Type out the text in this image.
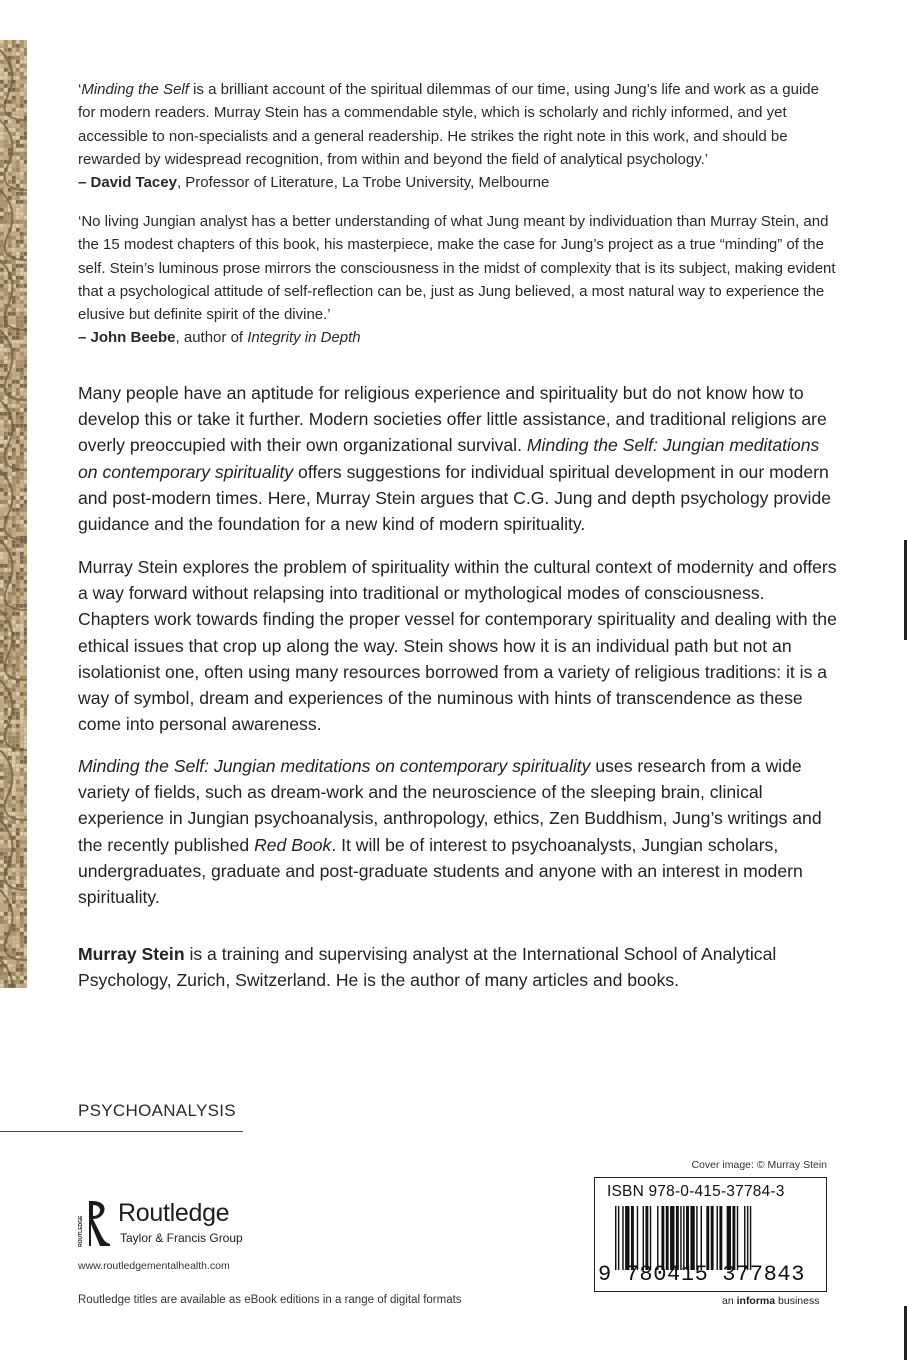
‘Minding the Self is a brilliant account of the spiritual dilemmas of our time, using Jung’s life and work as a guide for modern readers. Murray Stein has a commendable style, which is scholarly and richly informed, and yet accessible to non-specialists and a general readership. He strikes the right note in this work, and should be rewarded by widespread recognition, from within and beyond the field of analytical psychology.’

– David Tacey, Professor of Literature, La Trobe University, Melbourne

‘No living Jungian analyst has a better understanding of what Jung meant by individuation than Murray Stein, and the 15 modest chapters of this book, his masterpiece, make the case for Jung’s project as a true “minding” of the self. Stein’s luminous prose mirrors the consciousness in the midst of complexity that is its subject, making evident that a psychological attitude of self-reflection can be, just as Jung believed, a most natural way to experience the elusive but definite spirit of the divine.’

– John Beebe, author of Integrity in Depth

Many people have an aptitude for religious experience and spirituality but do not know how to develop this or take it further. Modern societies offer little assistance, and traditional religions are overly preoccupied with their own organizational survival. Minding the Self: Jungian meditations on contemporary spirituality offers suggestions for individual spiritual development in our modern and post-modern times. Here, Murray Stein argues that C.G. Jung and depth psychology provide guidance and the foundation for a new kind of modern spirituality.

Murray Stein explores the problem of spirituality within the cultural context of modernity and offers a way forward without relapsing into traditional or mythological modes of consciousness. Chapters work towards finding the proper vessel for contemporary spirituality and dealing with the ethical issues that crop up along the way. Stein shows how it is an individual path but not an isolationist one, often using many resources borrowed from a variety of religious traditions: it is a way of symbol, dream and experiences of the numinous with hints of transcendence as these come into personal awareness.

Minding the Self: Jungian meditations on contemporary spirituality uses research from a wide variety of fields, such as dream-work and the neuroscience of the sleeping brain, clinical experience in Jungian psychoanalysis, anthropology, ethics, Zen Buddhism, Jung’s writings and the recently published Red Book. It will be of interest to psychoanalysts, Jungian scholars, undergraduates, graduate and post-graduate students and anyone with an interest in modern spirituality.

Murray Stein is a training and supervising analyst at the International School of Analytical Psychology, Zurich, Switzerland. He is the author of many articles and books.

PSYCHOANALYSIS
ROUTLEDGE
Routledge
Taylor & Francis Group
www.routledgementalhealth.com
Routledge titles are available as eBook editions in a range of digital formats
Cover image: © Murray Stein
ISBN 978-0-415-37784-3
9 780415 377843
an informa business
